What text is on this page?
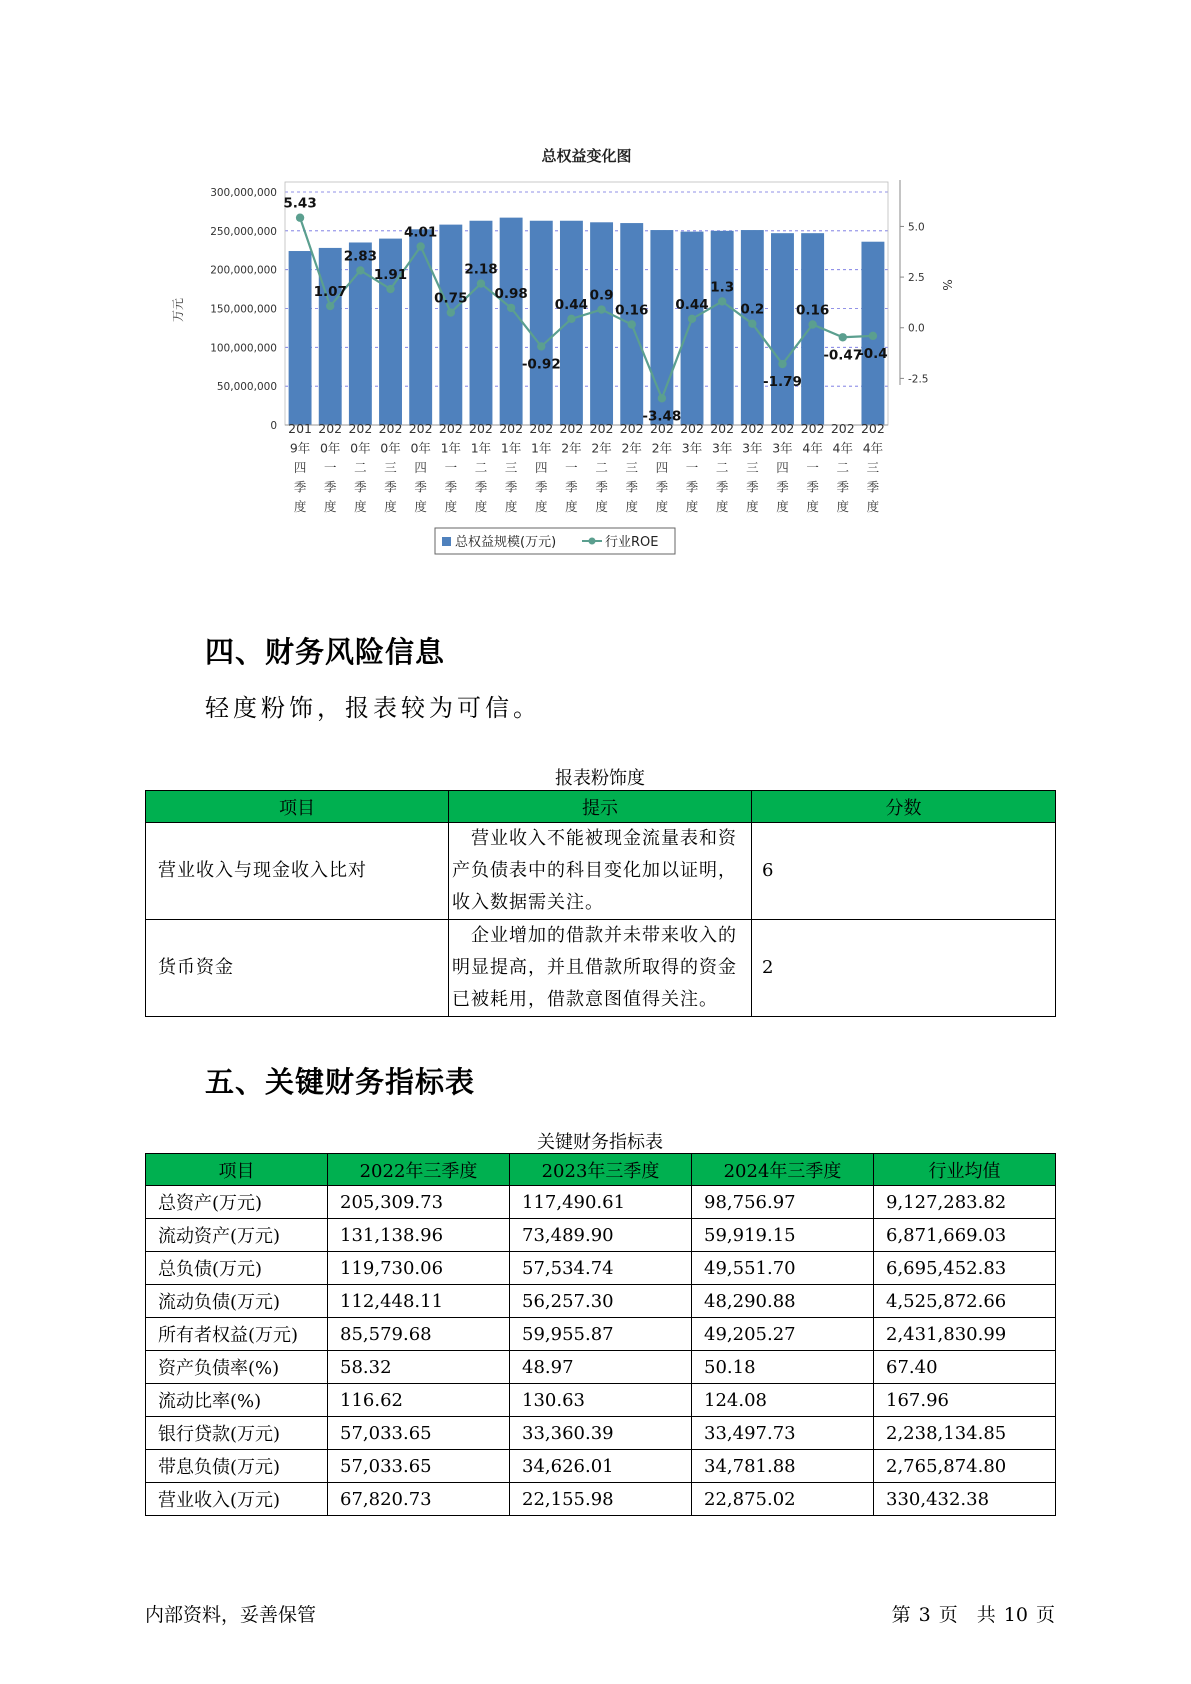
总权益变化图
300,000,000
250,000,000
200,000,000
150,000,000
100,000,000
50,000,000
0
万元
5.0
2.5
0.0
-2.5
%
201
9年
四
季
度
202
0年
一
季
度
202
0年
二
季
度
202
0年
三
季
度
202
0年
四
季
度
202
1年
一
季
度
202
1年
二
季
度
202
1年
三
季
度
202
1年
四
季
度
202
2年
一
季
度
202
2年
二
季
度
202
2年
三
季
度
202
2年
四
季
度
202
3年
一
季
度
202
3年
二
季
度
202
3年
三
季
度
202
3年
四
季
度
202
4年
一
季
度
202
4年
二
季
度
202
4年
三
季
度
5.43
1.07
2.83
1.91
4.01
0.75
2.18
0.98
-0.92
0.44
0.9
0.16
-3.48
0.44
1.3
0.2
-1.79
0.16
-0.47
-0.4
总权益规模(万元)	行业ROE
四、财务风险信息
轻度粉饰，报表较为可信。
报表粉饰度
项目	提示	分数
营业收入与现金收入比对	　营业收入不能被现金流量表和资
产负债表中的科目变化加以证明，
收入数据需关注。	6
货币资金	　企业增加的借款并未带来收入的
明显提高，并且借款所取得的资金
已被耗用，借款意图值得关注。	2
五、关键财务指标表
关键财务指标表
项目	2022年三季度	2023年三季度	2024年三季度	行业均值
总资产(万元)	205,309.73	117,490.61	98,756.97	9,127,283.82
流动资产(万元)	131,138.96	73,489.90	59,919.15	6,871,669.03
总负债(万元)	119,730.06	57,534.74	49,551.70	6,695,452.83
流动负债(万元)	112,448.11	56,257.30	48,290.88	4,525,872.66
所有者权益(万元)	85,579.68	59,955.87	49,205.27	2,431,830.99
资产负债率(%)	58.32	48.97	50.18	67.40
流动比率(%)	116.62	130.63	124.08	167.96
银行贷款(万元)	57,033.65	33,360.39	33,497.73	2,238,134.85
带息负债(万元)	57,033.65	34,626.01	34,781.88	2,765,874.80
营业收入(万元)	67,820.73	22,155.98	22,875.02	330,432.38
内部资料，妥善保管	第 3 页　共 10 页
